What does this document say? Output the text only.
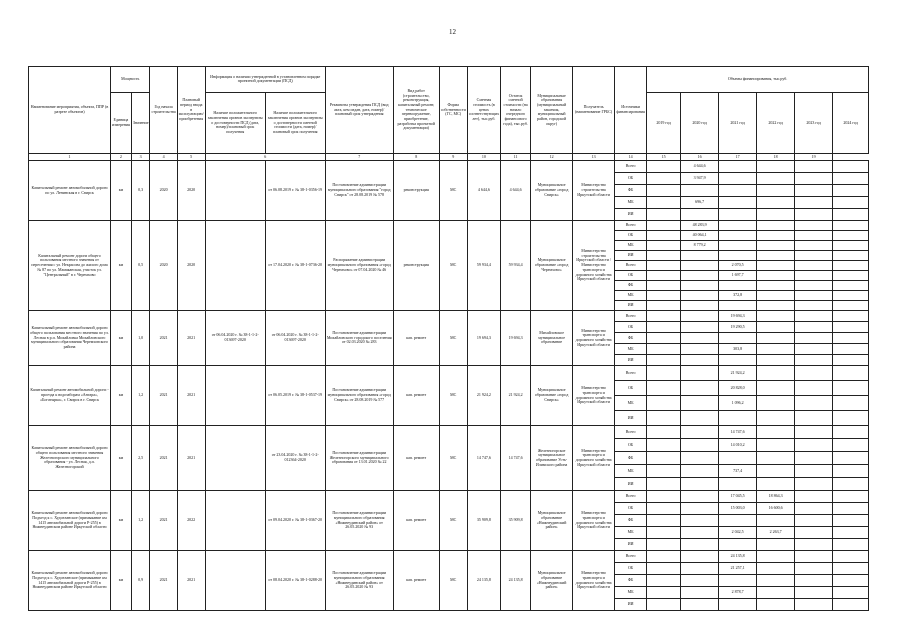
12
Наименование мероприятия, объекта, ППР (в разрезе объектов)	Мощность		Год начала строительства	Плановый период ввода в эксплуатацию/приобретения	Информация о наличии утвержденной в установленном порядке проектной документации (ПСД)		Реквизиты утверждения ПСД (вид акта, кем издан, дата, номер)/плановый срок утверждения	Вид работ (строительство, реконструкция, капитальный ремонт, техническое перевооружение, приобретение, разработка проектной документации)	Форма собственности (ГС, МС)	Сметная стоимость (в ценах соответствующих лет), тыс.руб.	Остаток сметной стоимости (на начало очередного финансового года), тыс.руб.	Муниципальные образования (муниципальный заказчик, муниципальный район, городской округ)	Получатель (наименование ГРБС)	Источники финансирования	Объемы финансирования, тыс.руб.					
	Единица измерения	Значение			Наличие положительного заключения органов экспертизы о достоверности ПСД (дата, номер)/плановый срок получения	Наличие положительного заключения органов экспертизы о достоверности сметной стоимости (дата, номер)/плановый срок получения									2019 год	2020 год	2021 год	2022 год	2023 год	2024 год
1	2	3	4	5	6		7	8	9	10	11	12	13	14	15	16	17	18	19	
Капитальный ремонт автомобильной дороги по ул. Ленинская в г. Свирск	км	0,3	2020	2020		от 06.08.2019 г. № 38-1-0356-19	Постановление администрации муниципального образования "город Свирск" от 28.08.2019 № 578	реконструкция	МС	4 644,6	4 644,6	Муниципальное образование «город Свирск»	Министерство строительства Иркутской области	Всего		4 644,6				
														ОБ		3 947,9				
														ФБ						
														МБ		696,7				
														ИИ						
Капитальный ремонт дороги общего пользования местного значения от пересечения с ул. Некрасова до жилого дома № 87 по ул. Мамаканская, участок ул. "Центральный" в г. Черемхово	км	0,5	2020	2020		от 17.04.2020 г. № 38-1-0736-20	Распоряжение администрации муниципального образования «город Черемхово» от 07.04.2020 № 46	реконструкция	МС	59 934,4	59 934,4	Муниципальное образование «город Черемхово»	Министерство строительства Иркутской области / Министерство транспорта и дорожного хозяйства Иркутской области	Всего		48 283,9				
														ОБ		40 064,1				
														МБ		8 779,2				
														ИИ						
														Всего			2 070,5			
														ОБ			1 697,7			
														ФБ						
														МБ			372,8			
														ИИ						
Капитальный ремонт автомобильной дороги общего пользования местного значения по ул. Лесная в р.п. Михайловка Михайловского муниципального образования Черемховского района	км	1,0	2021	2021	от 06.04.2020 г. № 38-1-1-2-013697-2020	от 06.04.2020 г. № 38-1-1-2-013697-2020	Постановление администрации Михайловского городского поселения от 02.03.2020 № 283	кап. ремонт	МС	19 694,3	19 694,3	Михайловское муниципальное образование	Министерство транспорта и дорожного хозяйства Иркутской области	Всего			19 694,3			
														ОБ			19 290,5			
														ФБ						
														МБ			303,8			
														ИИ						
Капитальный ремонт автомобильной дороги - проезда к водозаборам «Ангара», «Богатырка», г. Свирск в г. Свирск	км	1,2	2021	2021		от 06.05.2019 г. № 38-1-0537-19	Постановление администрации муниципального образования «город Свирск» от 28.08.2019 № 577	кап. ремонт	МС	21 924,2	21 924,2	Муниципальное образование «город Свирск»	Министерство транспорта и дорожного хозяйства Иркутской области	Всего			21 924,2			
														ОБ			20 828,0			
														МБ			1 096,2			
														ИИ						
Капитальный ремонт автомобильной дороги общего пользования местного значения Железногорского муниципального образования - ул. Лесная, д.п. Железногорский	км	2,5	2021	2021		от 23.04.2020 г. № 38-1-1-2-012364-2020	Постановление администрации Железногорского муниципального образования от 13.01.2020 № 22	кап. ремонт	МС	14 747,6	14 747,6	Железногорское муниципальное образование Усть-Илимского района	Министерство транспорта и дорожного хозяйства Иркутской области	Всего			14 747,6			
														ОБ			14 010,2			
														ФБ						
														МБ			737,4			
														ИИ						
Капитальный ремонт автомобильной дороги Подъезд к с. Худоеланское (примыкание км 1415 автомобильной дороги Р-255) в Нижнеудинском районе Иркутской области	км	1,2	2021	2022		от 09.04.2020 г. № 38-1-0367-20	Постановление администрации муниципального образования «Нижнеудинский район» от 26.05.2020 № 93	кап. ремонт	МС	35 909,8	35 909,8	Муниципальное образование «Нижнеудинский район»	Министерство транспорта и дорожного хозяйства Иркутской области	Всего			17 045,5	18 864,3		
														ОБ			15 003,0	16 600,6		
														ФБ						
														МБ			2 042,5	2 263,7		
														ИИ						
Капитальный ремонт автомобильной дороги Подъезд к с. Худоеланское (примыкание км 1415 автомобильной дороги Р-255) в Нижнеудинском районе Иркутской области	км	0,9	2021	2021		от 08.04.2020 г. № 38-1-0288-20	Постановление администрации муниципального образования «Нижнеудинский район» от 26.05.2020 № 93	кап. ремонт	МС	24 135,8	24 135,8	Муниципальное образование «Нижнеудинский район»	Министерство транспорта и дорожного хозяйства Иркутской области	Всего			24 135,8			
														ОБ			21 257,1			
														ФБ						
														МБ			2 878,7			
														ИИ						
